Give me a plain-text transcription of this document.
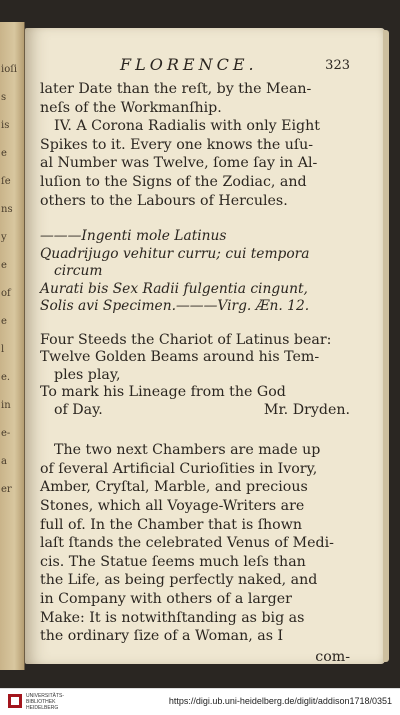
ioſi
s
is
e
ſe
ns
y
e
of
e
l
e.
in
e-
a
er
FLORENCE.	323

later Date than the reſt, by the Mean-
neſs of the Workmanſhip.

IV. A Corona Radialis with only Eight
Spikes to it. Every one knows the uſu-
al Number was Twelve, ſome ſay in Al-
luſion to the Signs of the Zodiac, and
others to the Labours of Hercules.

———Ingenti mole Latinus
Quadrijugo vehitur curru; cui tempora
circum
Aurati bis Sex Radii fulgentia cingunt,
Solis avi Specimen.———Virg. Æn. 12.
Four Steeds the Chariot of Latinus bear:
Twelve Golden Beams around his Tem-
ples play,
To mark his Lineage from the God
of Day.	Mr. Dryden.

The two next Chambers are made up
of ſeveral Artificial Curioſities in Ivory,
Amber, Cryſtal, Marble, and precious
Stones, which all Voyage-Writers are
full of. In the Chamber that is ſhown
laſt ſtands the celebrated Venus of Medi-
cis. The Statue ſeems much leſs than
the Life, as being perfectly naked, and
in Company with others of a larger
Make: It is notwithſtanding as big as
the ordinary ſize of a Woman, as I

com-
UNIVERSITÄTS-BIBLIOTHEK HEIDELBERG
https://digi.ub.uni-heidelberg.de/diglit/addison1718/0351
